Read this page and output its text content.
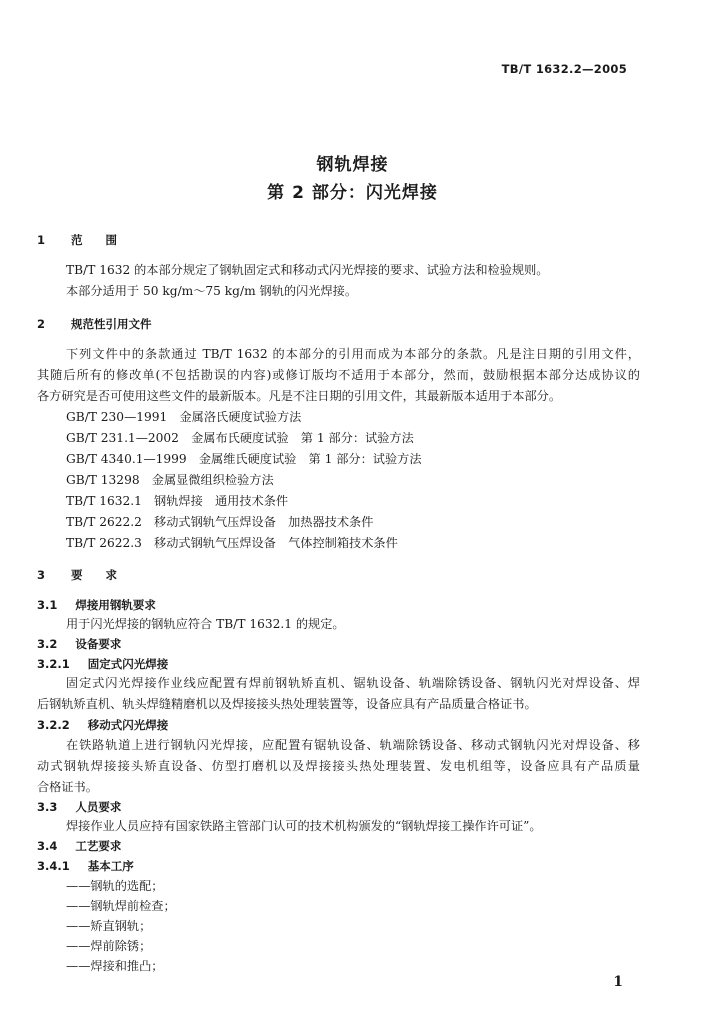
TB/T 1632.2—2005
钢轨焊接
第 2 部分：闪光焊接
1 范　　围
TB/T 1632 的本部分规定了钢轨固定式和移动式闪光焊接的要求、试验方法和检验规则。
本部分适用于 50 kg/m～75 kg/m 钢轨的闪光焊接。
2 规范性引用文件
下列文件中的条款通过 TB/T 1632 的本部分的引用而成为本部分的条款。凡是注日期的引用文件，
其随后所有的修改单(不包括勘误的内容)或修订版均不适用于本部分，然而，鼓励根据本部分达成协议的
各方研究是否可使用这些文件的最新版本。凡是不注日期的引用文件，其最新版本适用于本部分。
GB/T 230—1991　金属洛氏硬度试验方法
GB/T 231.1—2002　金属布氏硬度试验　第 1 部分：试验方法
GB/T 4340.1—1999　金属维氏硬度试验　第 1 部分：试验方法
GB/T 13298　金属显微组织检验方法
TB/T 1632.1　钢轨焊接　通用技术条件
TB/T 2622.2　移动式钢轨气压焊设备　加热器技术条件
TB/T 2622.3　移动式钢轨气压焊设备　气体控制箱技术条件
3 要　　求
3.1 焊接用钢轨要求
用于闪光焊接的钢轨应符合 TB/T 1632.1 的规定。
3.2 设备要求
3.2.1 固定式闪光焊接
固定式闪光焊接作业线应配置有焊前钢轨矫直机、锯轨设备、轨端除锈设备、钢轨闪光对焊设备、焊
后钢轨矫直机、轨头焊缝精磨机以及焊接接头热处理装置等，设备应具有产品质量合格证书。
3.2.2 移动式闪光焊接
在铁路轨道上进行钢轨闪光焊接，应配置有锯轨设备、轨端除锈设备、移动式钢轨闪光对焊设备、移
动式钢轨焊接接头矫直设备、仿型打磨机以及焊接接头热处理装置、发电机组等，设备应具有产品质量
合格证书。
3.3 人员要求
焊接作业人员应持有国家铁路主管部门认可的技术机构颁发的“钢轨焊接工操作许可证”。
3.4 工艺要求
3.4.1 基本工序
——钢轨的选配；
——钢轨焊前检查；
——矫直钢轨；
——焊前除锈；
——焊接和推凸；
1
